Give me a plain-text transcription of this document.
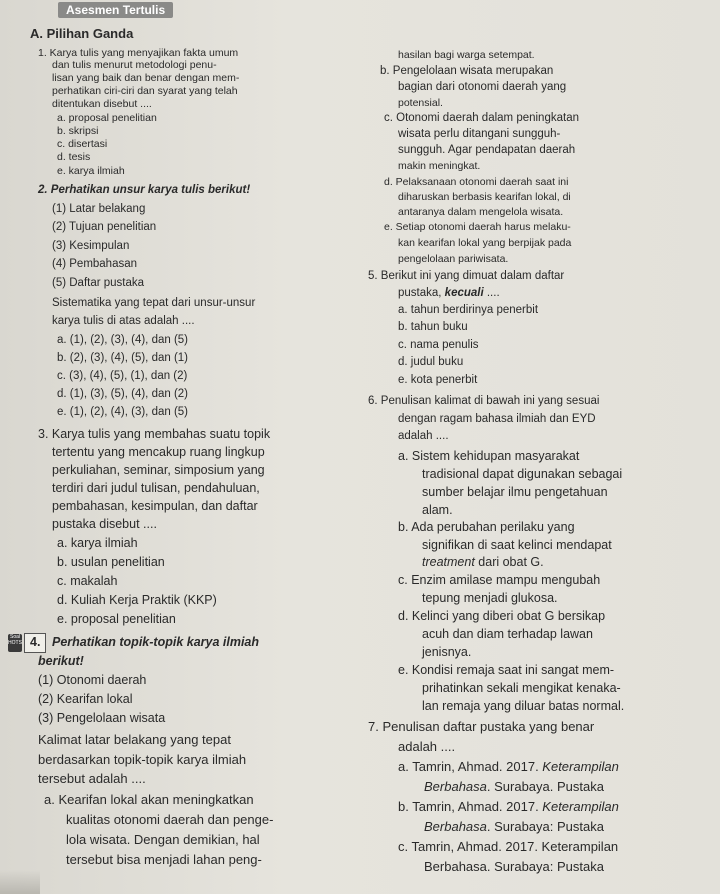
Asesmen Tertulis
A. Pilihan Ganda
1. Karya tulis yang menyajikan fakta umum
dan tulis menurut metodologi penu-
lisan yang baik dan benar dengan mem-
perhatikan ciri-ciri dan syarat yang telah
ditentukan disebut ....
a. proposal penelitian
b. skripsi
c. disertasi
d. tesis
e. karya ilmiah
2. Perhatikan unsur karya tulis berikut!
(1) Latar belakang
(2) Tujuan penelitian
(3) Kesimpulan
(4) Pembahasan
(5) Daftar pustaka
Sistematika yang tepat dari unsur-unsur
karya tulis di atas adalah ....
a. (1), (2), (3), (4), dan (5)
b. (2), (3), (4), (5), dan (1)
c. (3), (4), (5), (1), dan (2)
d. (1), (3), (5), (4), dan (2)
e. (1), (2), (4), (3), dan (5)
3. Karya tulis yang membahas suatu topik
tertentu yang mencakup ruang lingkup
perkuliahan, seminar, simposium yang
terdiri dari judul tulisan, pendahuluan,
pembahasan, kesimpulan, dan daftar
pustaka disebut ....
a. karya ilmiah
b. usulan penelitian
c. makalah
d. Kuliah Kerja Praktik (KKP)
e. proposal penelitian
Soal HOTS 4. Perhatikan topik-topik karya ilmiah
berikut!
(1) Otonomi daerah
(2) Kearifan lokal
(3) Pengelolaan wisata
Kalimat latar belakang yang tepat
berdasarkan topik-topik karya ilmiah
tersebut adalah ....
a. Kearifan lokal akan meningkatkan
kualitas otonomi daerah dan penge-
lola wisata. Dengan demikian, hal
tersebut bisa menjadi lahan peng-
hasilan bagi warga setempat.
b. Pengelolaan wisata merupakan
bagian dari otonomi daerah yang
potensial.
c. Otonomi daerah dalam peningkatan
wisata perlu ditangani sungguh-
sungguh. Agar pendapatan daerah
makin meningkat.
d. Pelaksanaan otonomi daerah saat ini
diharuskan berbasis kearifan lokal, di
antaranya dalam mengelola wisata.
e. Setiap otonomi daerah harus melaku-
kan kearifan lokal yang berpijak pada
pengelolaan pariwisata.
5. Berikut ini yang dimuat dalam daftar
pustaka, kecuali ....
a. tahun berdirinya penerbit
b. tahun buku
c. nama penulis
d. judul buku
e. kota penerbit
6. Penulisan kalimat di bawah ini yang sesuai
dengan ragam bahasa ilmiah dan EYD
adalah ....
a. Sistem kehidupan masyarakat
tradisional dapat digunakan sebagai
sumber belajar ilmu pengetahuan
alam.
b. Ada perubahan perilaku yang
signifikan di saat kelinci mendapat
treatment dari obat G.
c. Enzim amilase mampu mengubah
tepung menjadi glukosa.
d. Kelinci yang diberi obat G bersikap
acuh dan diam terhadap lawan
jenisnya.
e. Kondisi remaja saat ini sangat mem-
prihatinkan sekali mengikat kenaka-
lan remaja yang diluar batas normal.
7. Penulisan daftar pustaka yang benar
adalah ....
a. Tamrin, Ahmad. 2017. Keterampilan
Berbahasa. Surabaya. Pustaka
b. Tamrin, Ahmad. 2017. Keterampilan
Berbahasa. Surabaya: Pustaka
c. Tamrin, Ahmad. 2017. Keterampilan
Berbahasa. Surabaya: Pustaka
